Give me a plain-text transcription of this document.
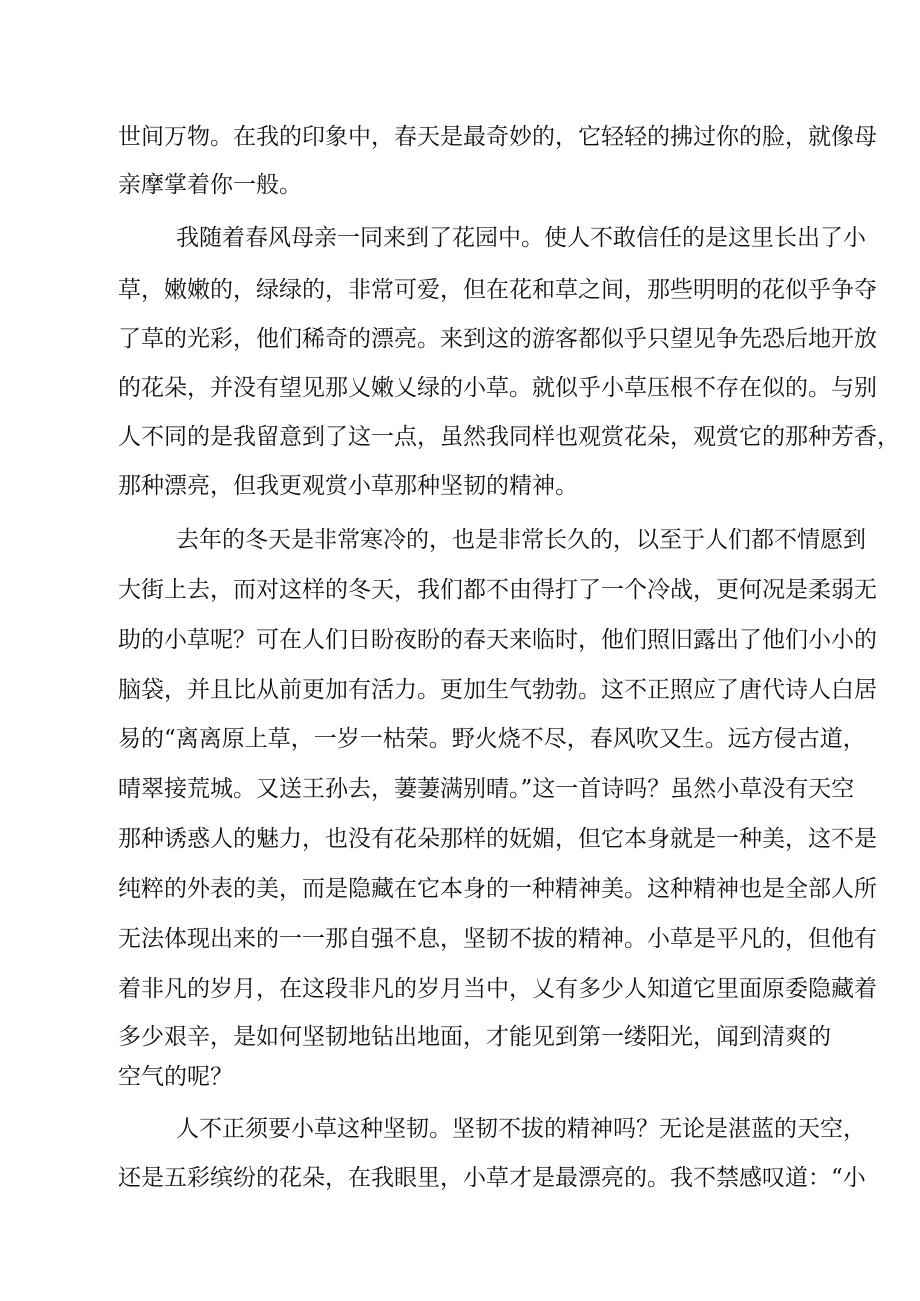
世间万物。在我的印象中，春天是最奇妙的，它轻轻的拂过你的脸，就像母
亲摩掌着你一般。
我随着春风母亲一同来到了花园中。使人不敢信任的是这里长出了小
草，嫩嫩的，绿绿的，非常可爱，但在花和草之间，那些明明的花似乎争夺
了草的光彩，他们稀奇的漂亮。来到这的游客都似乎只望见争先恐后地开放
的花朵，并没有望见那乂嫩乂绿的小草。就似乎小草压根不存在似的。与别
人不同的是我留意到了这一点，虽然我同样也观赏花朵，观赏它的那种芳香，
那种漂亮，但我更观赏小草那种坚韧的精神。
去年的冬天是非常寒冷的，也是非常长久的，以至于人们都不情愿到
大街上去，而对这样的冬天，我们都不由得打了一个冷战，更何况是柔弱无
助的小草呢？可在人们日盼夜盼的春天来临时，他们照旧露出了他们小小的
脑袋，并且比从前更加有活力。更加生气勃勃。这不正照应了唐代诗人白居
易的“离离原上草，一岁一枯荣。野火烧不尽，春风吹又生。远方侵古道，
晴翠接荒城。又送王孙去，萋萋满别晴。”这一首诗吗？虽然小草没有天空
那种诱惑人的魅力，也没有花朵那样的妩媚，但它本身就是一种美，这不是
纯粹的外表的美，而是隐藏在它本身的一种精神美。这种精神也是全部人所
无法体现出来的一一那自强不息，坚韧不拔的精神。小草是平凡的，但他有
着非凡的岁月，在这段非凡的岁月当中，乂有多少人知道它里面原委隐藏着
多少艰辛，是如何坚韧地钻出地面，才能见到第一缕阳光，闻到清爽的
空气的呢？
人不正须要小草这种坚韧。坚韧不拔的精神吗？无论是湛蓝的天空，
还是五彩缤纷的花朵，在我眼里，小草才是最漂亮的。我不禁感叹道：“小
